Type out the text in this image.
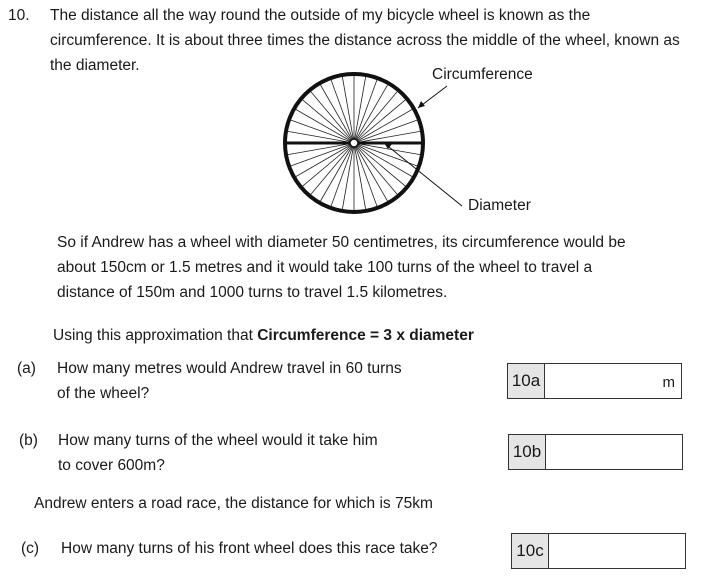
10. The distance all the way round the outside of my bicycle wheel is known as the
circumference. It is about three times the distance across the middle of the wheel, known as
the diameter.
Circumference
Diameter
So if Andrew has a wheel with diameter 50 centimetres, its circumference would be
about 150cm or 1.5 metres and it would take 100 turns of the wheel to travel a
distance of 150m and 1000 turns to travel 1.5 kilometres.
Using this approximation that Circumference = 3 x diameter
(a) How many metres would Andrew travel in 60 turns
of the wheel?
10a	m
(b) How many turns of the wheel would it take him
to cover 600m?
10b
Andrew enters a road race, the distance for which is 75km
(c) How many turns of his front wheel does this race take?	10c
